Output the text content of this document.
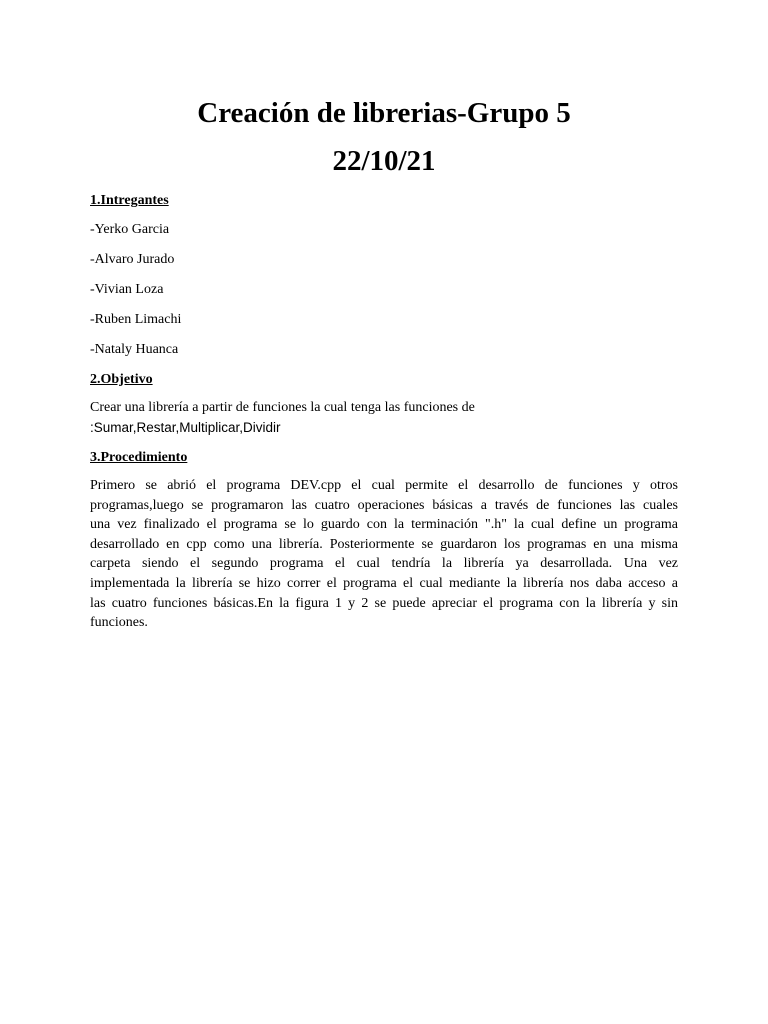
Creación de librerias-Grupo 5
22/10/21

1.Intregantes

-Yerko Garcia

-Alvaro Jurado

-Vivian Loza

-Ruben Limachi

-Nataly Huanca

2.Objetivo

Crear una librería a partir de funciones la cual tenga las funciones de
:Sumar,Restar,Multiplicar,Dividir

3.Procedimiento

Primero se abrió el programa DEV.cpp el cual permite el desarrollo de funciones y otros
programas,luego se programaron las cuatro operaciones básicas a través de funciones las cuales
una vez finalizado el programa se lo guardo con la terminación ".h" la cual define un programa
desarrollado en cpp como una librería. Posteriormente se guardaron los programas en una misma
carpeta siendo el segundo programa el cual tendría la librería ya desarrollada. Una vez
implementada la librería se hizo correr el programa el cual mediante la librería nos daba acceso a
las cuatro funciones básicas.En la figura 1 y 2 se puede apreciar el programa con la librería y sin
funciones.
